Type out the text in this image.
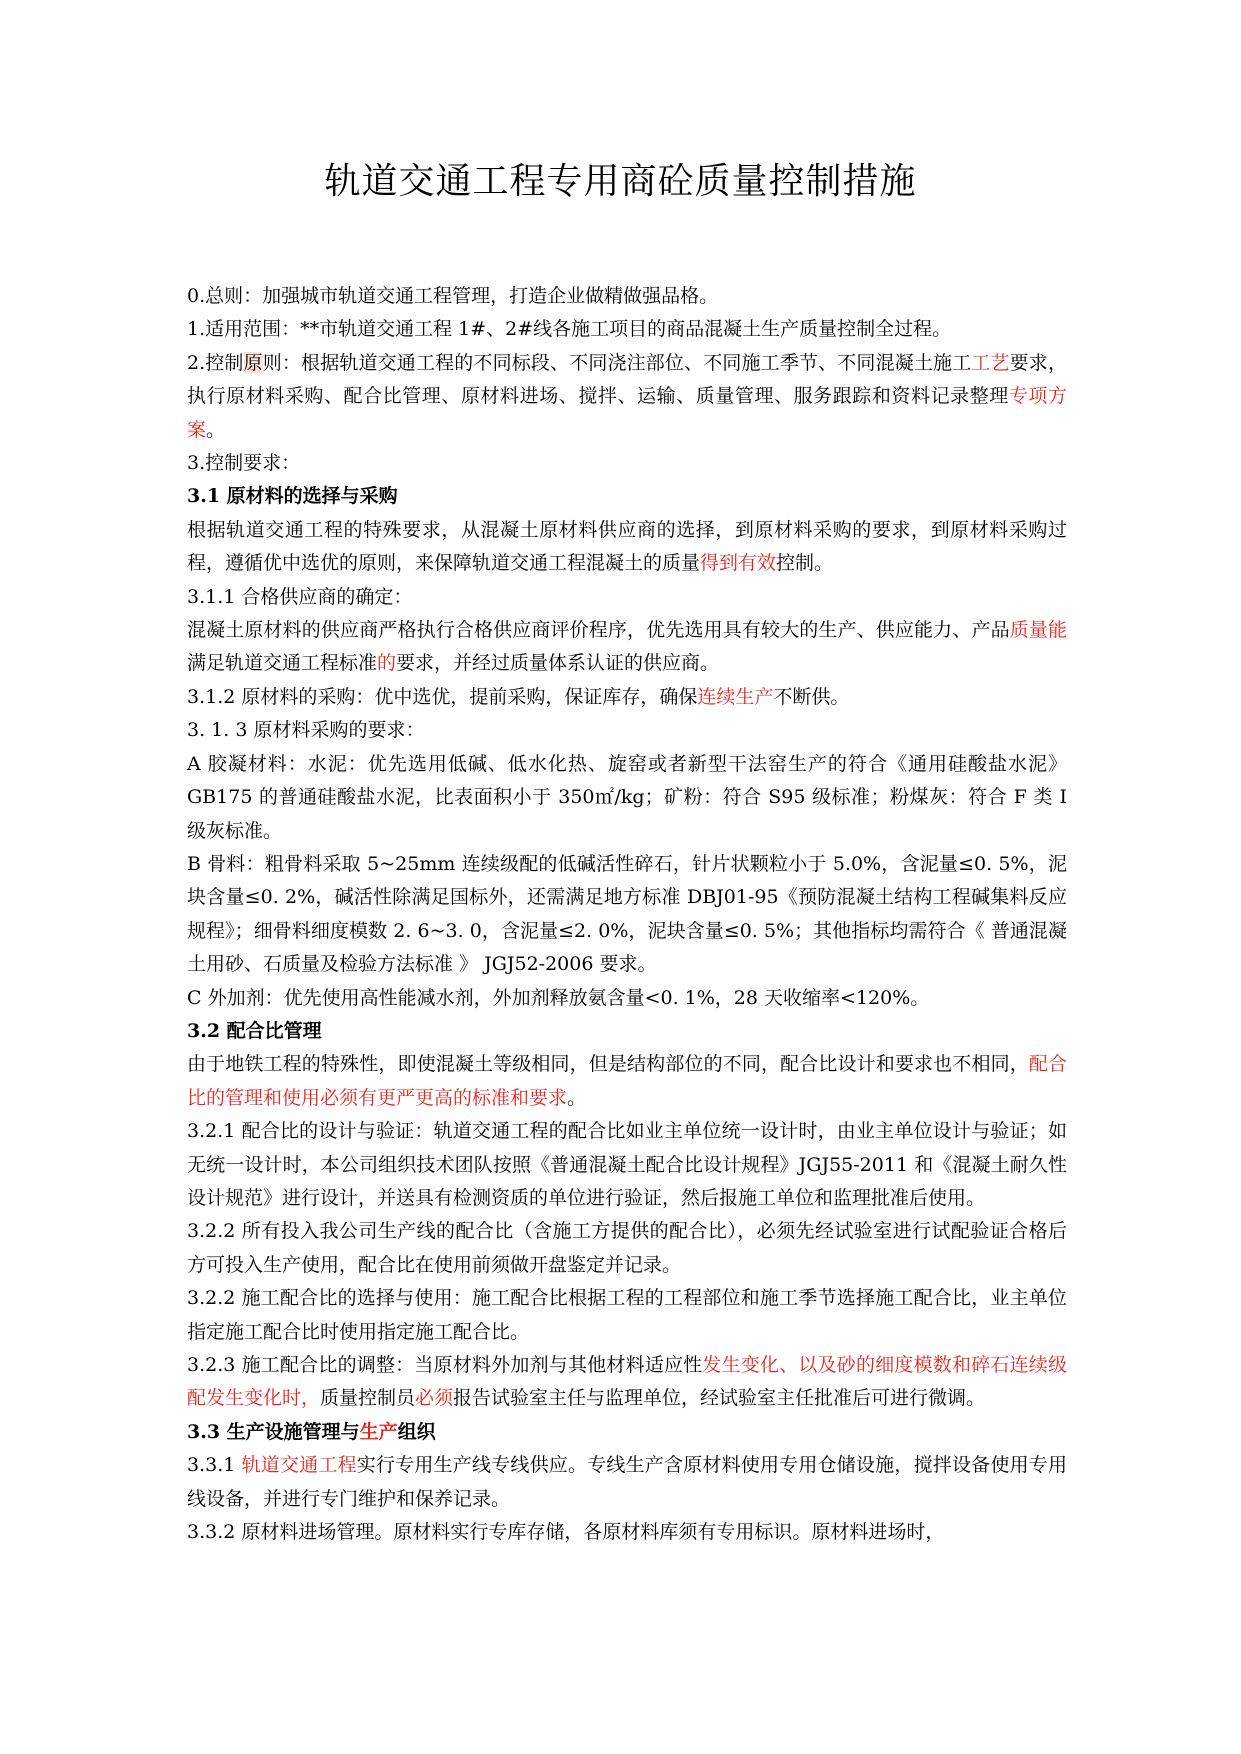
轨道交通工程专用商砼质量控制措施

0.总则：加强城市轨道交通工程管理，打造企业做精做强品格。

1.适用范围：**市轨道交通工程 1#、2#线各施工项目的商品混凝土生产质量控制全过程。

2.控制原则：根据轨道交通工程的不同标段、不同浇注部位、不同施工季节、不同混凝土施工工艺要求，执行原材料采购、配合比管理、原材料进场、搅拌、运输、质量管理、服务跟踪和资料记录整理专项方案。

3.控制要求：

3.1 原材料的选择与采购

根据轨道交通工程的特殊要求，从混凝土原材料供应商的选择，到原材料采购的要求，到原材料采购过程，遵循优中选优的原则，来保障轨道交通工程混凝土的质量得到有效控制。

3.1.1 合格供应商的确定：

混凝土原材料的供应商严格执行合格供应商评价程序，优先选用具有较大的生产、供应能力、产品质量能满足轨道交通工程标准的要求，并经过质量体系认证的供应商。

3.1.2 原材料的采购：优中选优，提前采购，保证库存，确保连续生产不断供。

3. 1. 3 原材料采购的要求：

A 胶凝材料：水泥：优先选用低碱、低水化热、旋窑或者新型干法窑生产的符合《通用硅酸盐水泥》GB175 的普通硅酸盐水泥，比表面积小于 350㎡/kg；矿粉：符合 S95 级标准；粉煤灰：符合 F 类 Ⅰ 级灰标准。

B 骨料：粗骨料采取 5~25mm 连续级配的低碱活性碎石，针片状颗粒小于 5.0%，含泥量≤0. 5%，泥块含量≤0. 2%，碱活性除满足国标外，还需满足地方标准 DBJ01-95《预防混凝土结构工程碱集料反应规程》；细骨料细度模数 2. 6~3. 0，含泥量≤2. 0%，泥块含量≤0. 5%；其他指标均需符合《 普通混凝土用砂、石质量及检验方法标准 》 JGJ52-2006 要求。

C 外加剂：优先使用高性能减水剂，外加剂释放氨含量<0. 1%，28 天收缩率<120%。

3.2 配合比管理

由于地铁工程的特殊性，即使混凝土等级相同，但是结构部位的不同，配合比设计和要求也不相同，配合比的管理和使用必须有更严更高的标准和要求。

3.2.1 配合比的设计与验证：轨道交通工程的配合比如业主单位统一设计时，由业主单位设计与验证；如无统一设计时，本公司组织技术团队按照《普通混凝土配合比设计规程》JGJ55-2011 和《混凝土耐久性设计规范》进行设计，并送具有检测资质的单位进行验证，然后报施工单位和监理批准后使用。

3.2.2 所有投入我公司生产线的配合比（含施工方提供的配合比），必须先经试验室进行试配验证合格后方可投入生产使用，配合比在使用前须做开盘鉴定并记录。

3.2.2 施工配合比的选择与使用：施工配合比根据工程的工程部位和施工季节选择施工配合比，业主单位指定施工配合比时使用指定施工配合比。

3.2.3 施工配合比的调整：当原材料外加剂与其他材料适应性发生变化、以及砂的细度模数和碎石连续级配发生变化时，质量控制员必须报告试验室主任与监理单位，经试验室主任批准后可进行微调。

3.3 生产设施管理与生产组织

3.3.1 轨道交通工程实行专用生产线专线供应。专线生产含原材料使用专用仓储设施，搅拌设备使用专用线设备，并进行专门维护和保养记录。

3.3.2 原材料进场管理。原材料实行专库存储，各原材料库须有专用标识。原材料进场时，
